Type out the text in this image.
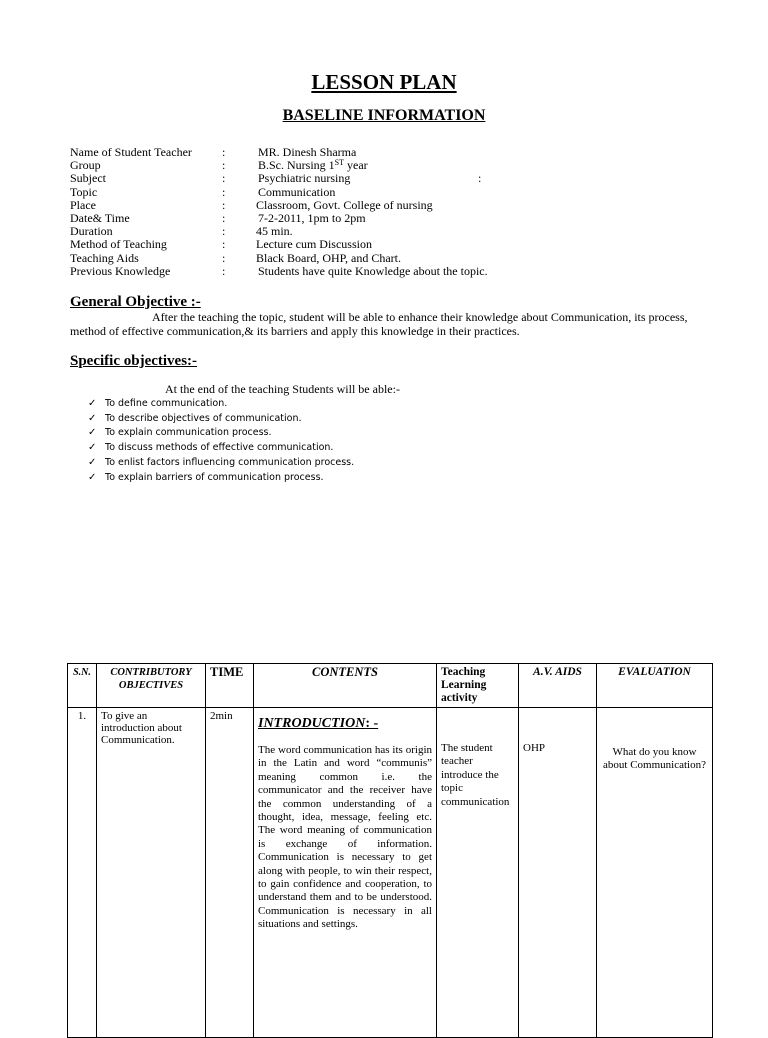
LESSON PLAN
BASELINE INFORMATION
Name of Student Teacher	:	MR. Dinesh Sharma
Group	:	B.Sc. Nursing 1ST year
Subject	:	Psychiatric nursing	:
Topic	:	Communication
Place	:	Classroom, Govt. College of nursing
Date& Time	:	7-2-2011, 1pm to 2pm
Duration	:	45 min.
Method of Teaching	:	Lecture cum Discussion
Teaching Aids	:	Black Board, OHP, and Chart.
Previous Knowledge	:	Students have quite Knowledge about the topic.
General Objective :-
After the teaching the topic, student will be able to enhance their knowledge about Communication, its process, method of effective communication,& its barriers and apply this knowledge in their practices.
Specific objectives:-
At the end of the teaching Students will be able:-
✓ To define communication.
✓ To describe objectives of communication.
✓ To explain communication process.
✓ To discuss methods of effective communication.
✓ To enlist factors influencing communication process.
✓ To explain barriers of communication process.
S.N.	CONTRIBUTORY OBJECTIVES	TIME	CONTENTS	Teaching Learning activity	A.V. AIDS	EVALUATION
1.	To give an introduction about Communication.	2min	INTRODUCTION: -
The word communication has its origin in the Latin and word “communis” meaning common i.e. the communicator and the receiver have the common understanding of a thought, idea, message, feeling etc. The word meaning of communication is exchange of information. Communication is necessary to get along with people, to win their respect, to gain confidence and cooperation, to understand them and to be understood. Communication is necessary in all situations and settings.	The student teacher introduce the topic communication	OHP	What do you know about Communication?
